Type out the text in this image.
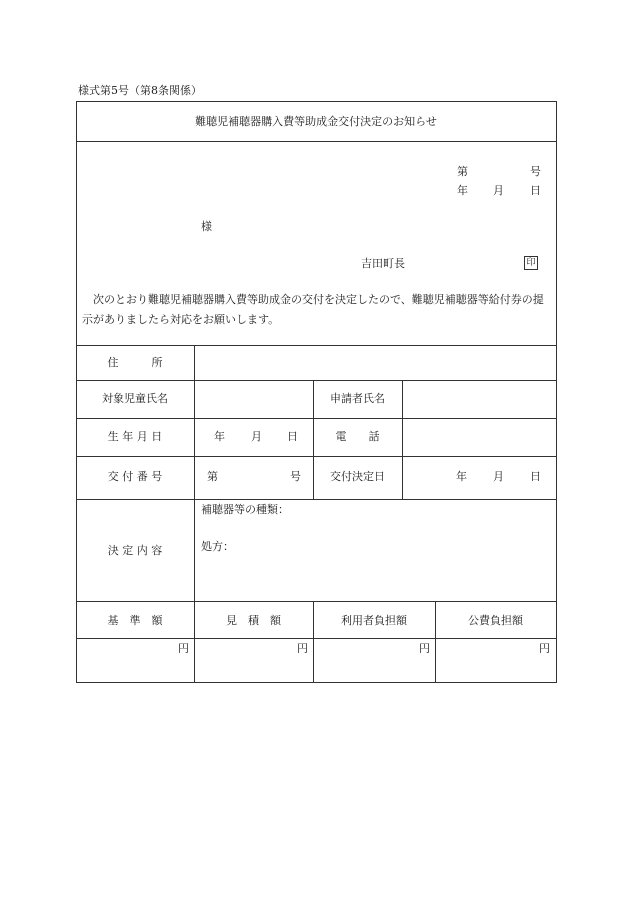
様式第5号（第8条関係）
難聴児補聴器購入費等助成金交付決定のお知らせ
第	号
年 月 日
様
吉田町長	印
　次のとおり難聴児補聴器購入費等助成金の交付を決定したので、難聴児補聴器等給付券の提示がありましたら対応をお願いします。
住　　　所
対象児童氏名	申請者氏名
生 年 月 日	年 月 日	電　　話
交 付 番 号	第	号	交付決定日	年 月 日
決 定 内 容
補聴器等の種類：
処方：
基　準　額	見　積　額	利用者負担額	公費負担額
円	円	円	円
